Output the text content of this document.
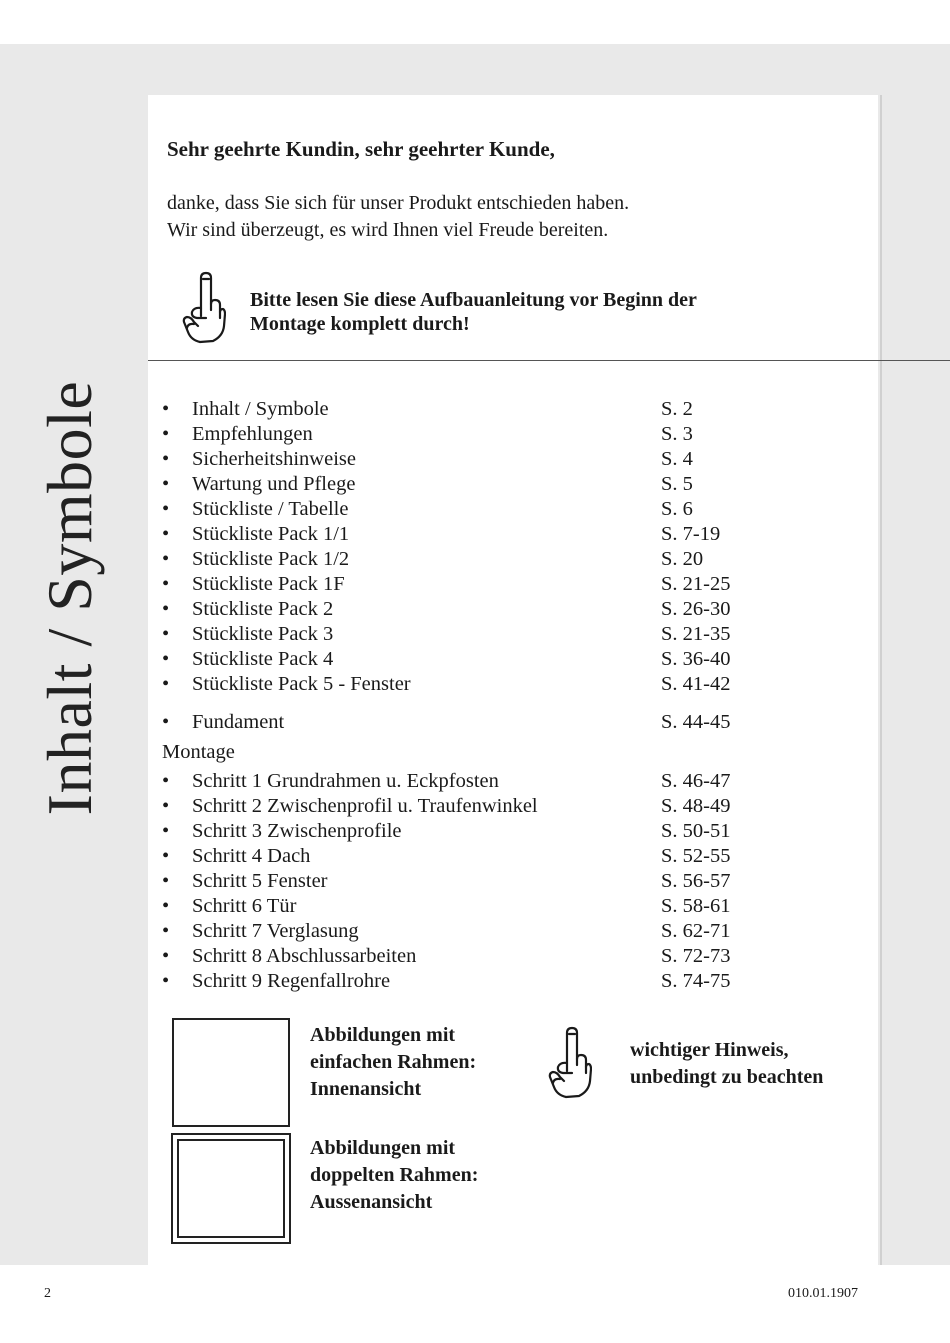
Inhalt / Symbole
Sehr geehrte Kundin, sehr geehrter Kunde,
danke, dass Sie sich für unser Produkt entschieden haben.
Wir sind überzeugt, es wird Ihnen viel Freude bereiten.
Bitte lesen Sie diese Aufbauanleitung vor Beginn der
Montage komplett durch!
• Inhalt / Symbole	S. 2
• Empfehlungen	S. 3
• Sicherheitshinweise	S. 4
• Wartung und Pflege	S. 5
• Stückliste / Tabelle	S. 6
• Stückliste Pack 1/1	S. 7-19
• Stückliste Pack 1/2	S. 20
• Stückliste Pack 1F	S. 21-25
• Stückliste Pack 2	S. 26-30
• Stückliste Pack 3	S. 21-35
• Stückliste Pack 4	S. 36-40
• Stückliste Pack 5 - Fenster	S. 41-42
• Fundament	S. 44-45
Montage
• Schritt 1 Grundrahmen u. Eckpfosten	S. 46-47
• Schritt 2 Zwischenprofil u. Traufenwinkel	S. 48-49
• Schritt 3 Zwischenprofile	S. 50-51
• Schritt 4 Dach	S. 52-55
• Schritt 5 Fenster	S. 56-57
• Schritt 6 Tür	S. 58-61
• Schritt 7 Verglasung	S. 62-71
• Schritt 8 Abschlussarbeiten	S. 72-73
• Schritt 9 Regenfallrohre	S. 74-75
Abbildungen mit
einfachen Rahmen:
Innenansicht
wichtiger Hinweis,
unbedingt zu beachten
Abbildungen mit
doppelten Rahmen:
Aussenansicht
2	010.01.1907
